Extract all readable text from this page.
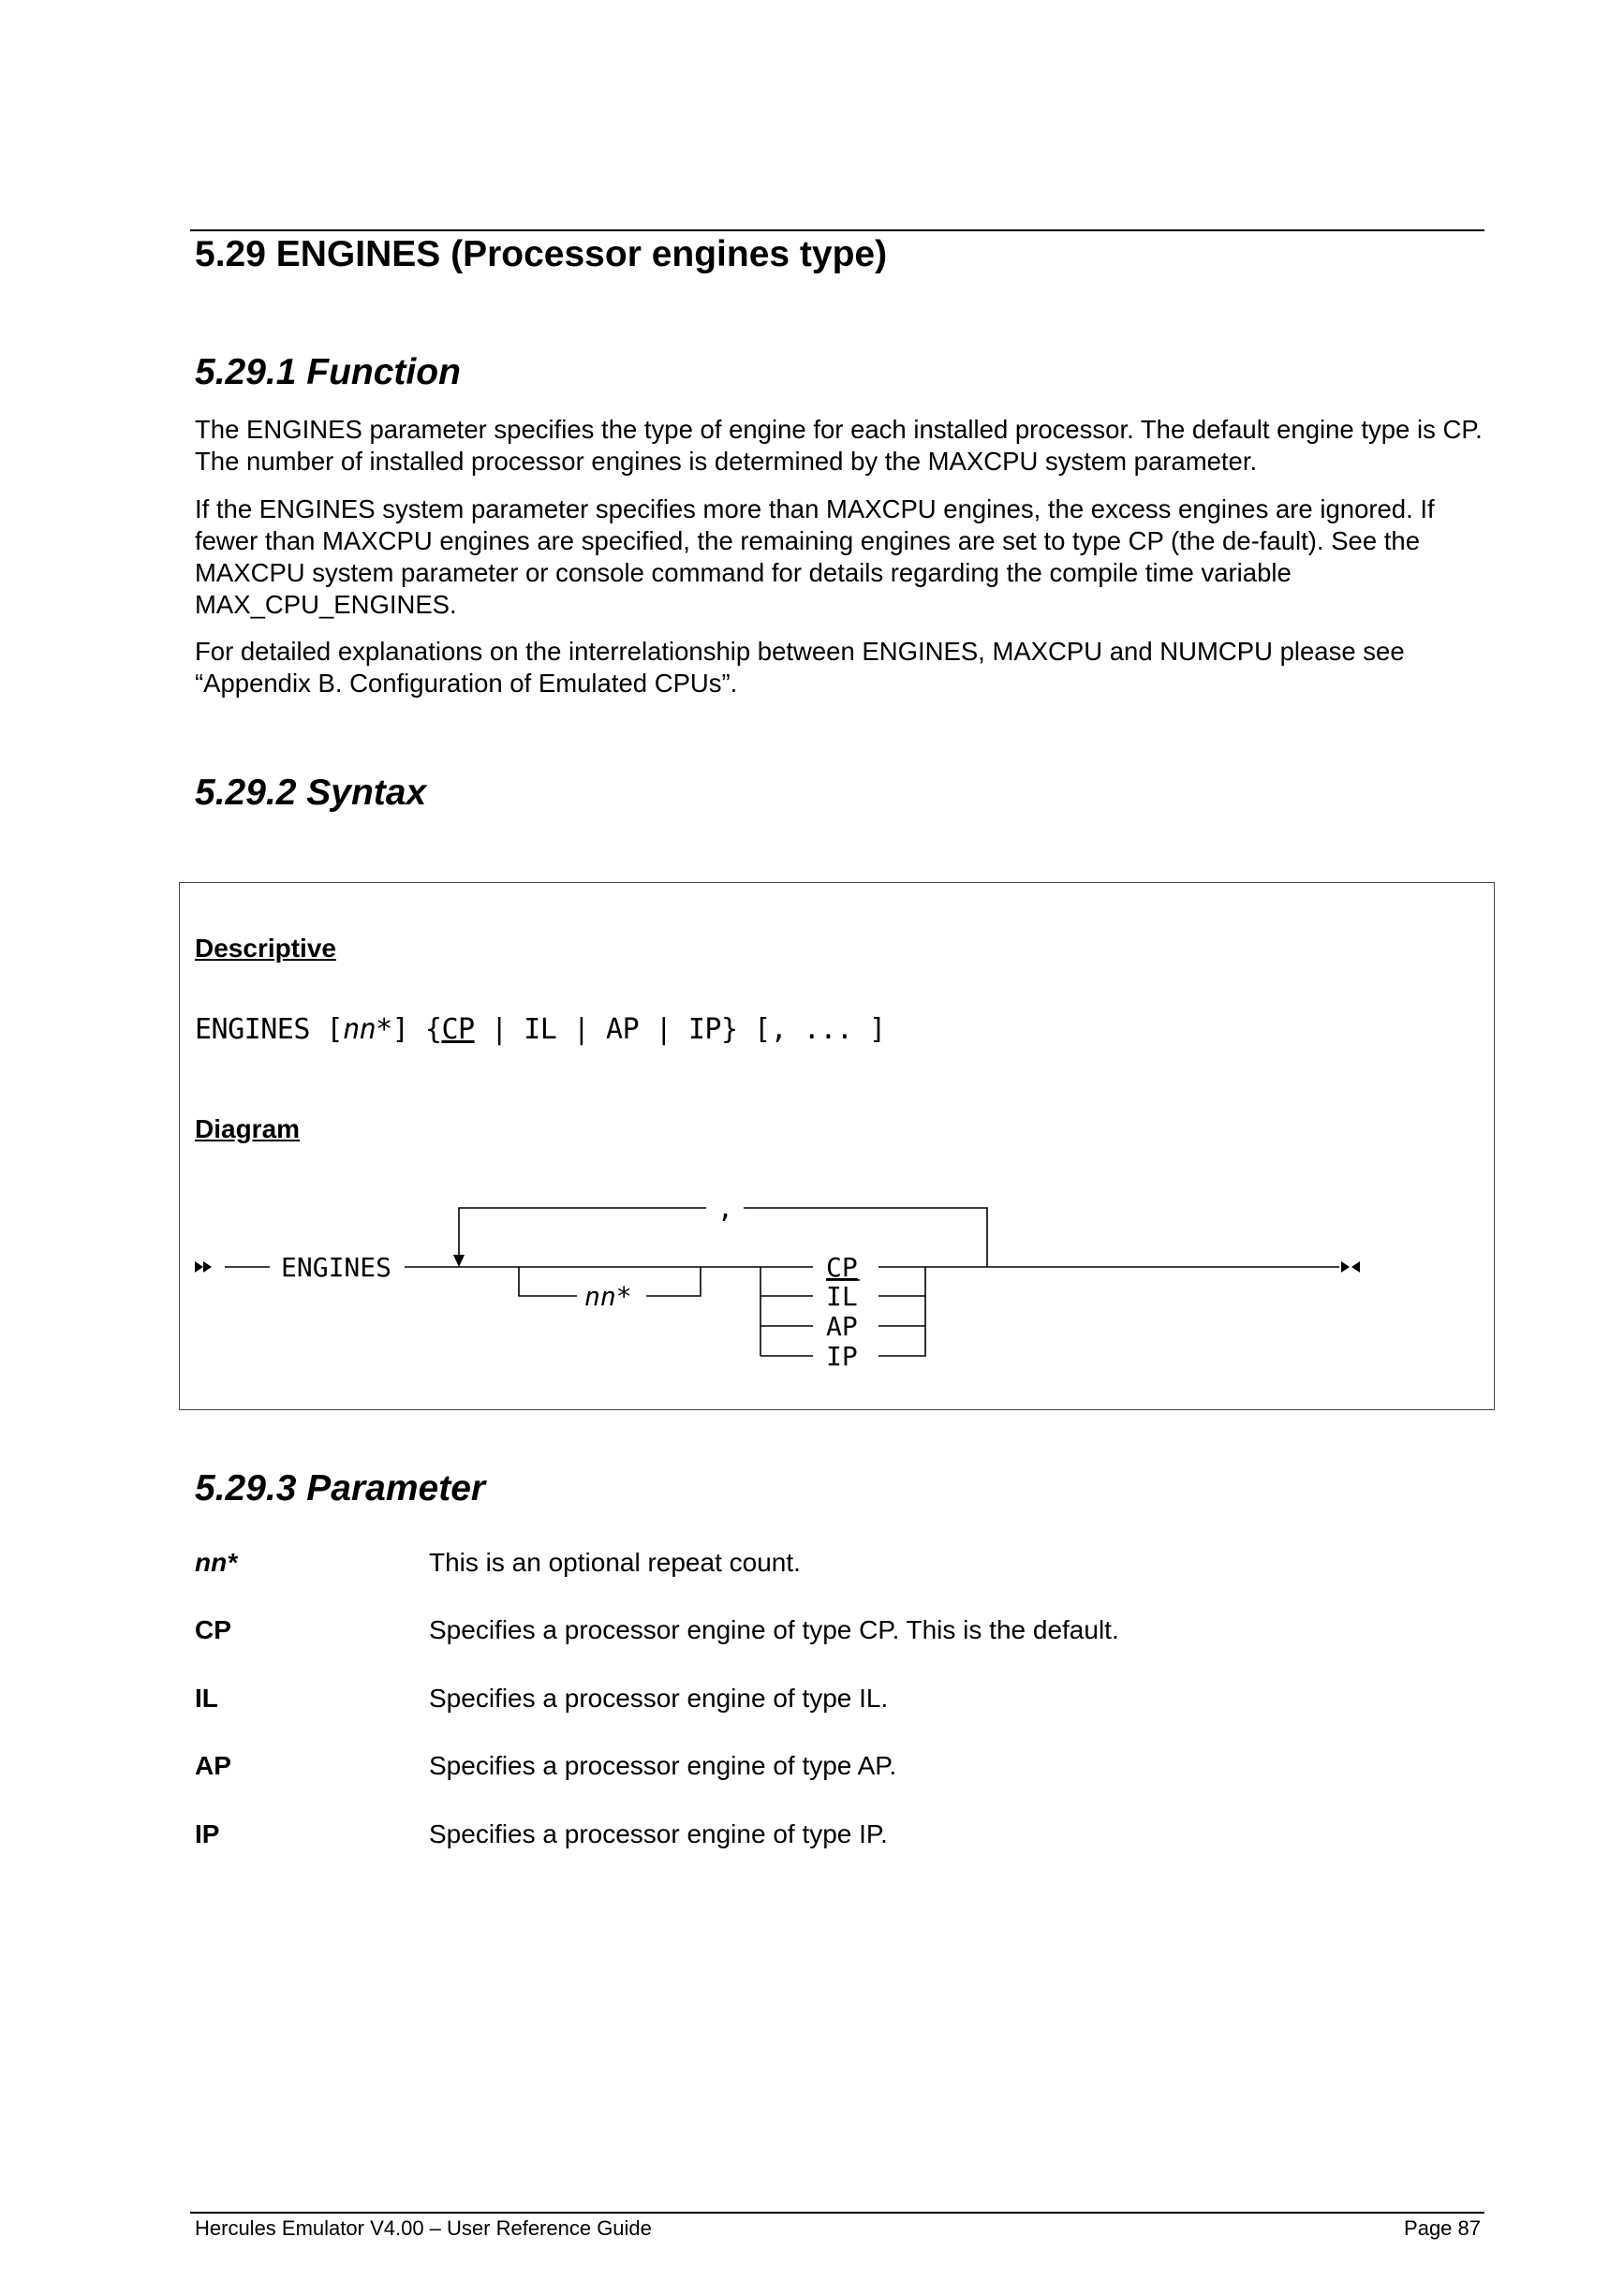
5.29 ENGINES (Processor engines type)
5.29.1 Function
The ENGINES parameter specifies the type of engine for each installed processor. The default engine type is CP. The number of installed processor engines is determined by the MAXCPU system parameter.
If the ENGINES system parameter specifies more than MAXCPU engines, the excess engines are ignored. If fewer than MAXCPU engines are specified, the remaining engines are set to type CP (the de-fault). See the MAXCPU system parameter or console command for details regarding the compile time variable MAX_CPU_ENGINES.
For detailed explanations on the interrelationship between ENGINES, MAXCPU and NUMCPU please see “Appendix B. Configuration of Emulated CPUs”.
5.29.2 Syntax
Descriptive
ENGINES [nn*] {CP | IL | AP | IP} [, ... ]
Diagram
ENGINES
,
nn*
CP
IL
AP
IP
5.29.3 Parameter
nn*	This is an optional repeat count.
CP	Specifies a processor engine of type CP. This is the default.
IL	Specifies a processor engine of type IL.
AP	Specifies a processor engine of type AP.
IP	Specifies a processor engine of type IP.
Hercules Emulator V4.00 – User Reference Guide	Page 87
